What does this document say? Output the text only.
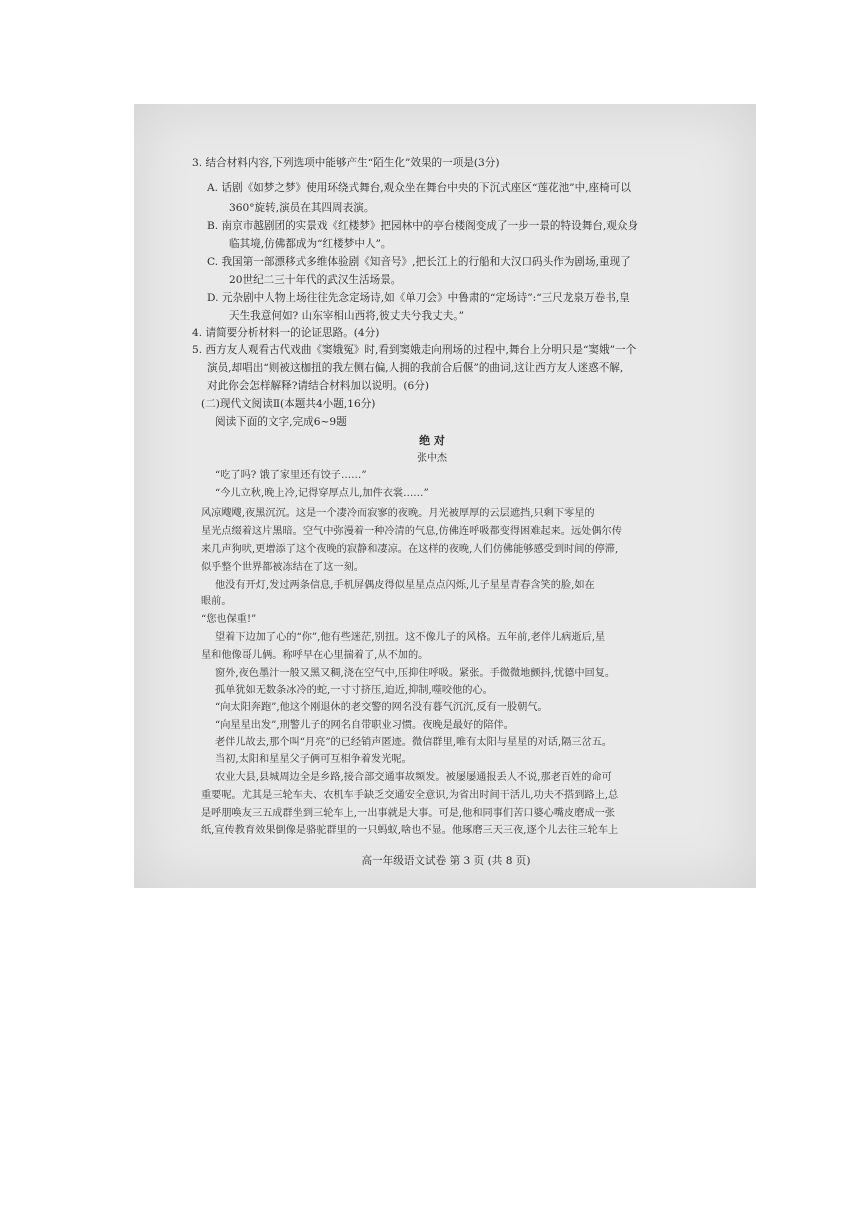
3. 结合材料内容,下列选项中能够产生“陌生化”效果的一项是(3分)
A. 话剧《如梦之梦》使用环绕式舞台,观众坐在舞台中央的下沉式座区“莲花池”中,座椅可以
360°旋转,演员在其四周表演。
B. 南京市越剧团的实景戏《红楼梦》把园林中的亭台楼阁变成了一步一景的特设舞台,观众身
临其境,仿佛都成为“红楼梦中人”。
C. 我国第一部漂移式多维体验剧《知音号》,把长江上的行船和大汉口码头作为剧场,重现了
20世纪二三十年代的武汉生活场景。
D. 元杂剧中人物上场往往先念定场诗,如《单刀会》中鲁肃的“定场诗”:“三尺龙泉万卷书,皇
天生我意何如? 山东宰相山西将,彼丈夫兮我丈夫。”
4. 请简要分析材料一的论证思路。(4分)
5. 西方友人观看古代戏曲《窦娥冤》时,看到窦娥走向刑场的过程中,舞台上分明只是“窦娥”一个
演员,却唱出“则被这枷扭的我左侧右偏,人拥的我前合后偃”的曲词,这让西方友人迷惑不解,
对此你会怎样解释?请结合材料加以说明。(6分)
(二)现代文阅读Ⅱ(本题共4小题,16分)
阅读下面的文字,完成6~9题
绝 对
张中杰
“吃了吗? 饿了家里还有饺子……”
“今儿立秋,晚上冷,记得穿厚点儿,加件衣裳……”
风凉飕飕,夜黑沉沉。这是一个凄冷而寂寥的夜晚。月光被厚厚的云层遮挡,只剩下零星的
星光点缀着这片黑暗。空气中弥漫着一种冷清的气息,仿佛连呼吸都变得困难起来。远处偶尔传
来几声狗吠,更增添了这个夜晚的寂静和凄凉。在这样的夜晚,人们仿佛能够感受到时间的停滞,
似乎整个世界都被冻结在了这一刻。
他没有开灯,发过两条信息,手机屏偶皮得似星星点点闪烁,儿子星星青春含笑的脸,如在
眼前。
“您也保重!”
望着下边加了心的“你”,他有些迷茫,别扭。这不像儿子的风格。五年前,老伴儿病逝后,星
星和他像哥儿俩。称呼早在心里揣着了,从不加的。
窗外,夜色墨汁一般又黑又稠,浇在空气中,压抑住呼吸。紧张。手微微地颤抖,忧德中回复。
孤单犹如无数条冰冷的蛇,一寸寸挤压,迫近,抑制,噬咬他的心。
“向太阳奔跑”,他这个刚退休的老交警的网名没有暮气沉沉,反有一股朝气。
“向星星出发”,刑警儿子的网名自带职业习惯。夜晚是最好的陪伴。
老伴儿故去,那个叫“月亮”的已经销声匿迹。微信群里,唯有太阳与星星的对话,隔三岔五。
当初,太阳和星星父子俩可互相争着发光呢。
农业大县,县城周边全是乡路,接合部交通事故频发。被屡屡通报丢人不说,那老百姓的命可
重要呢。尤其是三轮车夫、农机车手缺乏交通安全意识,为省出时间干活儿,功夫不搭到路上,总
是呼朋唤友三五成群坐到三轮车上,一出事就是大事。可是,他和同事们苦口婆心嘴皮磨成一张
纸,宣传教育效果倒像是骆驼群里的一只蚂蚁,啥也不显。他琢磨三天三夜,逐个儿去往三轮车上
高一年级语文试卷 第 3 页 (共 8 页)
